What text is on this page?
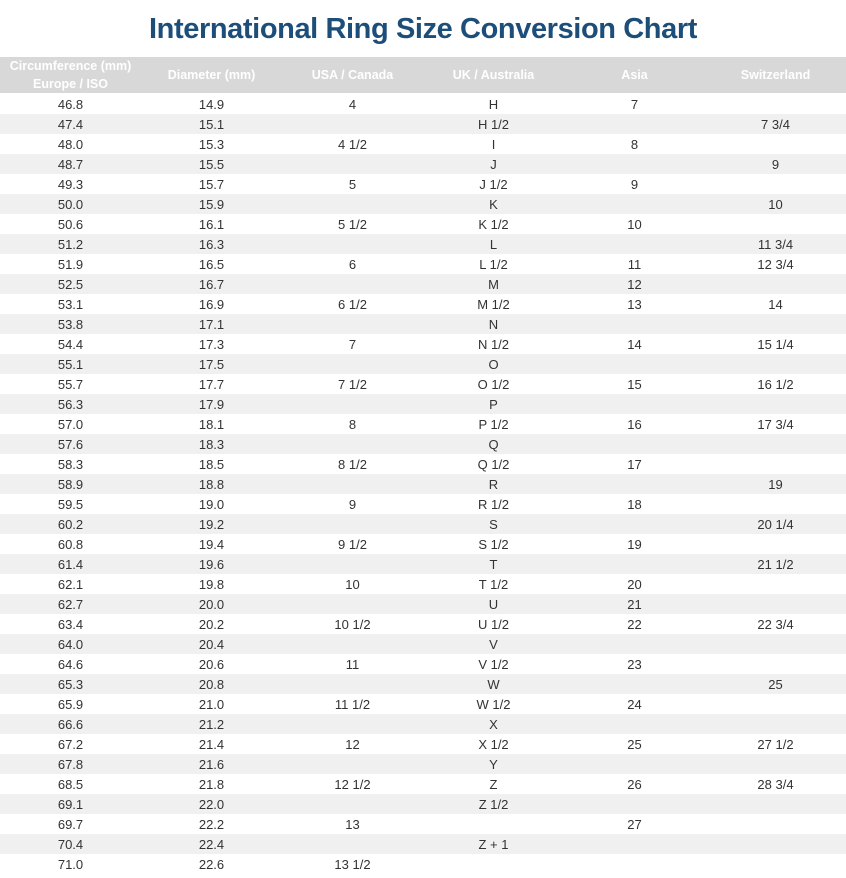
International Ring Size Conversion Chart
Circumference (mm)
Europe / ISO	Diameter (mm)	USA / Canada	UK / Australia	Asia	Switzerland

46.8	14.9	4	H	7	
47.4	15.1		H 1/2		7 3/4
48.0	15.3	4 1/2	I	8	
48.7	15.5		J		9
49.3	15.7	5	J 1/2	9	
50.0	15.9		K		10
50.6	16.1	5 1/2	K 1/2	10	
51.2	16.3		L		11 3/4
51.9	16.5	6	L 1/2	11	12 3/4
52.5	16.7		M	12	
53.1	16.9	6 1/2	M 1/2	13	14
53.8	17.1		N		
54.4	17.3	7	N 1/2	14	15 1/4
55.1	17.5		O		
55.7	17.7	7 1/2	O 1/2	15	16 1/2
56.3	17.9		P		
57.0	18.1	8	P 1/2	16	17 3/4
57.6	18.3		Q		
58.3	18.5	8 1/2	Q 1/2	17	
58.9	18.8		R		19
59.5	19.0	9	R 1/2	18	
60.2	19.2		S		20 1/4
60.8	19.4	9 1/2	S 1/2	19	
61.4	19.6		T		21 1/2
62.1	19.8	10	T 1/2	20	
62.7	20.0		U	21	
63.4	20.2	10 1/2	U 1/2	22	22 3/4
64.0	20.4		V		
64.6	20.6	11	V 1/2	23	
65.3	20.8		W		25
65.9	21.0	11 1/2	W 1/2	24	
66.6	21.2		X		
67.2	21.4	12	X 1/2	25	27 1/2
67.8	21.6		Y		
68.5	21.8	12 1/2	Z	26	28 3/4
69.1	22.0		Z 1/2		
69.7	22.2	13		27	
70.4	22.4		Z + 1		
71.0	22.6	13 1/2			
